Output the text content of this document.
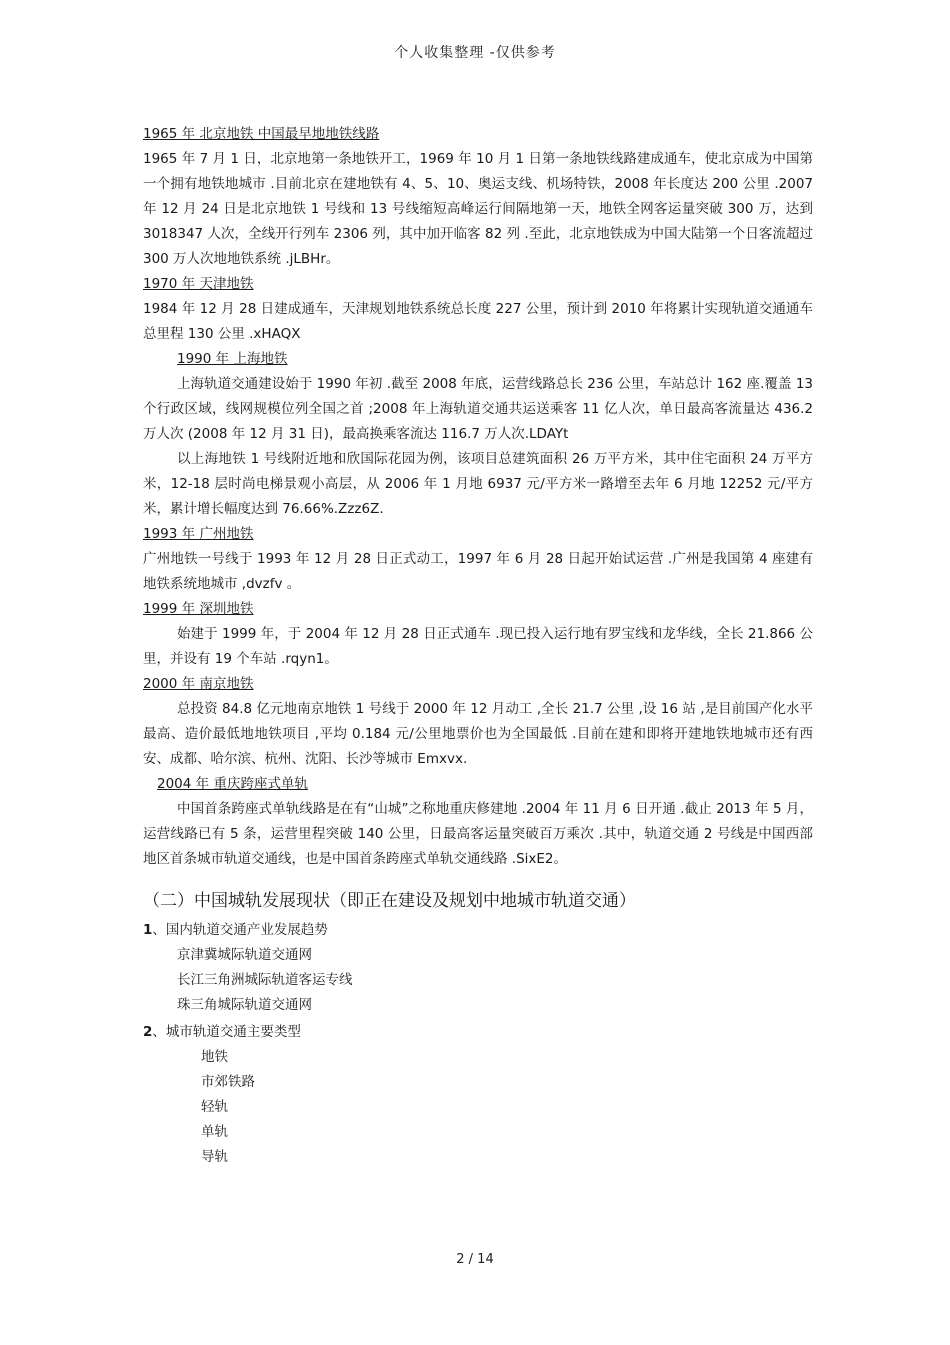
个人收集整理 -仅供参考
1965 年 北京地铁 中国最早地地铁线路

1965 年 7 月 1 日，北京地第一条地铁开工，1969 年 10 月 1 日第一条地铁线路建成通车，使北京成为中国第一个拥有地铁地城市 .目前北京在建地铁有 4、5、10、奥运支线、机场特铁，2008 年长度达 200 公里 .2007 年 12 月 24 日是北京地铁 1 号线和 13 号线缩短高峰运行间隔地第一天，地铁全网客运量突破 300 万，达到 3018347 人次，全线开行列车 2306 列，其中加开临客 82 列 .至此，北京地铁成为中国大陆第一个日客流超过 300 万人次地地铁系统 .jLBHr。

1970 年 天津地铁

1984 年 12 月 28 日建成通车，天津规划地铁系统总长度 227 公里，预计到 2010 年将累计实现轨道交通通车总里程 130 公里 .xHAQX

1990 年 上海地铁

上海轨道交通建设始于 1990 年初 .截至 2008 年底，运营线路总长 236 公里，车站总计 162 座.覆盖 13 个行政区域，线网规模位列全国之首 ;2008 年上海轨道交通共运送乘客 11 亿人次，单日最高客流量达 436.2 万人次 (2008 年 12 月 31 日)，最高换乘客流达 116.7 万人次.LDAYt

以上海地铁 1 号线附近地和欣国际花园为例，该项目总建筑面积 26 万平方米，其中住宅面积 24 万平方米，12-18 层时尚电梯景观小高层，从 2006 年 1 月地 6937 元/平方米一路增至去年 6 月地 12252 元/平方米，累计增长幅度达到 76.66%.Zzz6Z.

1993 年 广州地铁

广州地铁一号线于 1993 年 12 月 28 日正式动工，1997 年 6 月 28 日起开始试运营 .广州是我国第 4 座建有地铁系统地城市 ,dvzfv 。

1999 年 深圳地铁

始建于 1999 年，于 2004 年 12 月 28 日正式通车 .现已投入运行地有罗宝线和龙华线，全长 21.866 公里，并设有 19 个车站 .rqyn1。

2000 年 南京地铁

总投资 84.8 亿元地南京地铁 1 号线于 2000 年 12 月动工 ,全长 21.7 公里 ,设 16 站 ,是目前国产化水平最高、造价最低地地铁项目 ,平均 0.184 元/公里地票价也为全国最低 .目前在建和即将开建地铁地城市还有西安、成都、哈尔滨、杭州、沈阳、长沙等城市 Emxvx.

2004 年 重庆跨座式单轨

中国首条跨座式单轨线路是在有“山城”之称地重庆修建地 .2004 年 11 月 6 日开通 .截止 2013 年 5 月，运营线路已有 5 条，运营里程突破 140 公里，日最高客运量突破百万乘次 .其中，轨道交通 2 号线是中国西部地区首条城市轨道交通线，也是中国首条跨座式单轨交通线路 .SixE2。

（二）中国城轨发展现状（即正在建设及规划中地城市轨道交通）
1、国内轨道交通产业发展趋势
京津冀城际轨道交通网
长江三角洲城际轨道客运专线
珠三角城际轨道交通网
2、城市轨道交通主要类型
地铁
市郊铁路
轻轨
单轨
导轨
2 / 14
